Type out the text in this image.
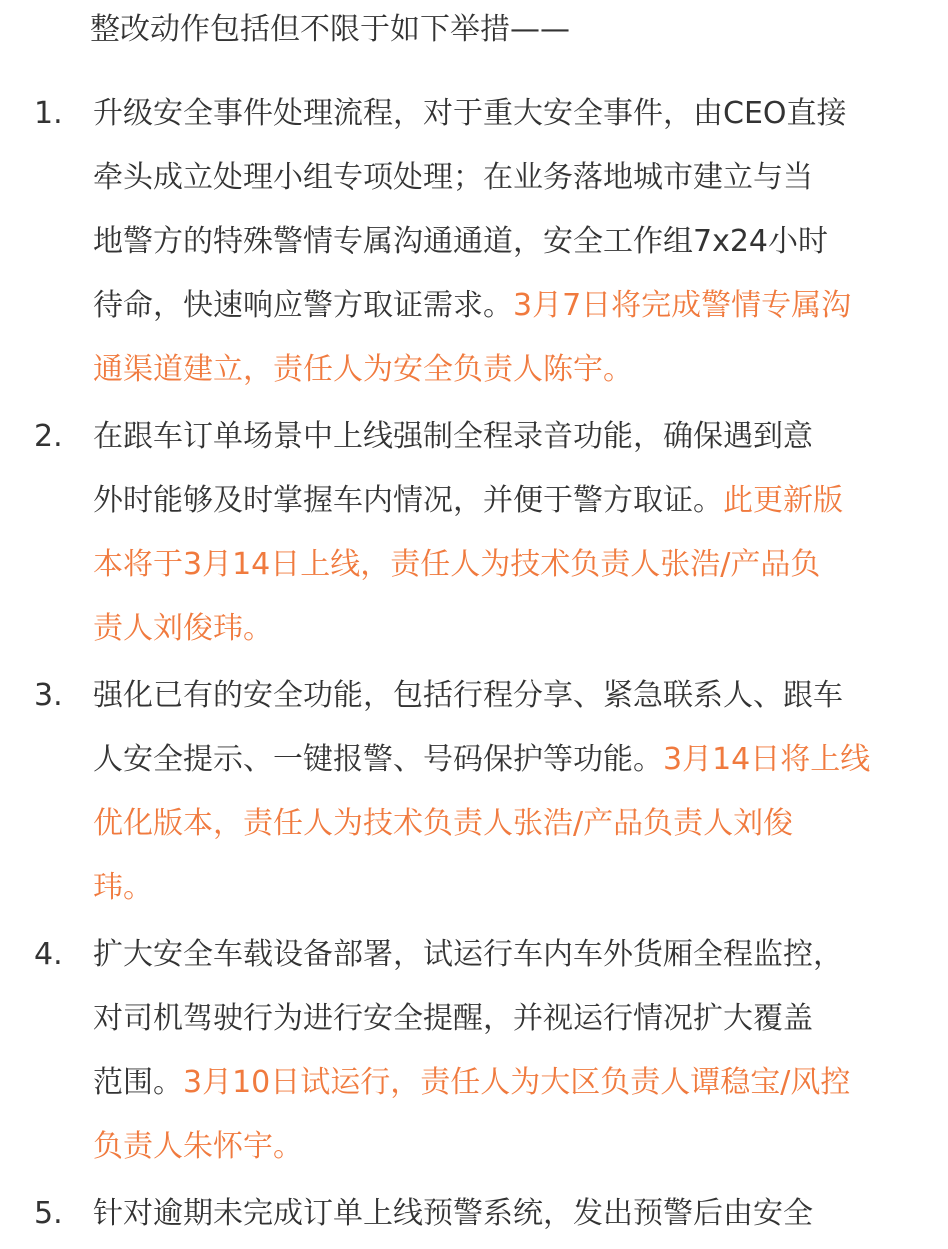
整改动作包括但不限于如下举措——

1. 升级安全事件处理流程，对于重大安全事件，由CEO直接
牵头成立处理小组专项处理；在业务落地城市建立与当
地警方的特殊警情专属沟通通道，安全工作组7x24小时
待命，快速响应警方取证需求。3月7日将完成警情专属沟
通渠道建立，责任人为安全负责人陈宇。
2. 在跟车订单场景中上线强制全程录音功能，确保遇到意
外时能够及时掌握车内情况，并便于警方取证。此更新版
本将于3月14日上线，责任人为技术负责人张浩/产品负
责人刘俊玮。
3. 强化已有的安全功能，包括行程分享、紧急联系人、跟车
人安全提示、一键报警、号码保护等功能。3月14日将上线
优化版本，责任人为技术负责人张浩/产品负责人刘俊
玮。
4. 扩大安全车载设备部署，试运行车内车外货厢全程监控，
对司机驾驶行为进行安全提醒，并视运行情况扩大覆盖
范围。3月10日试运行，责任人为大区负责人谭稳宝/风控
负责人朱怀宇。
5. 针对逾期未完成订单上线预警系统，发出预警后由安全
